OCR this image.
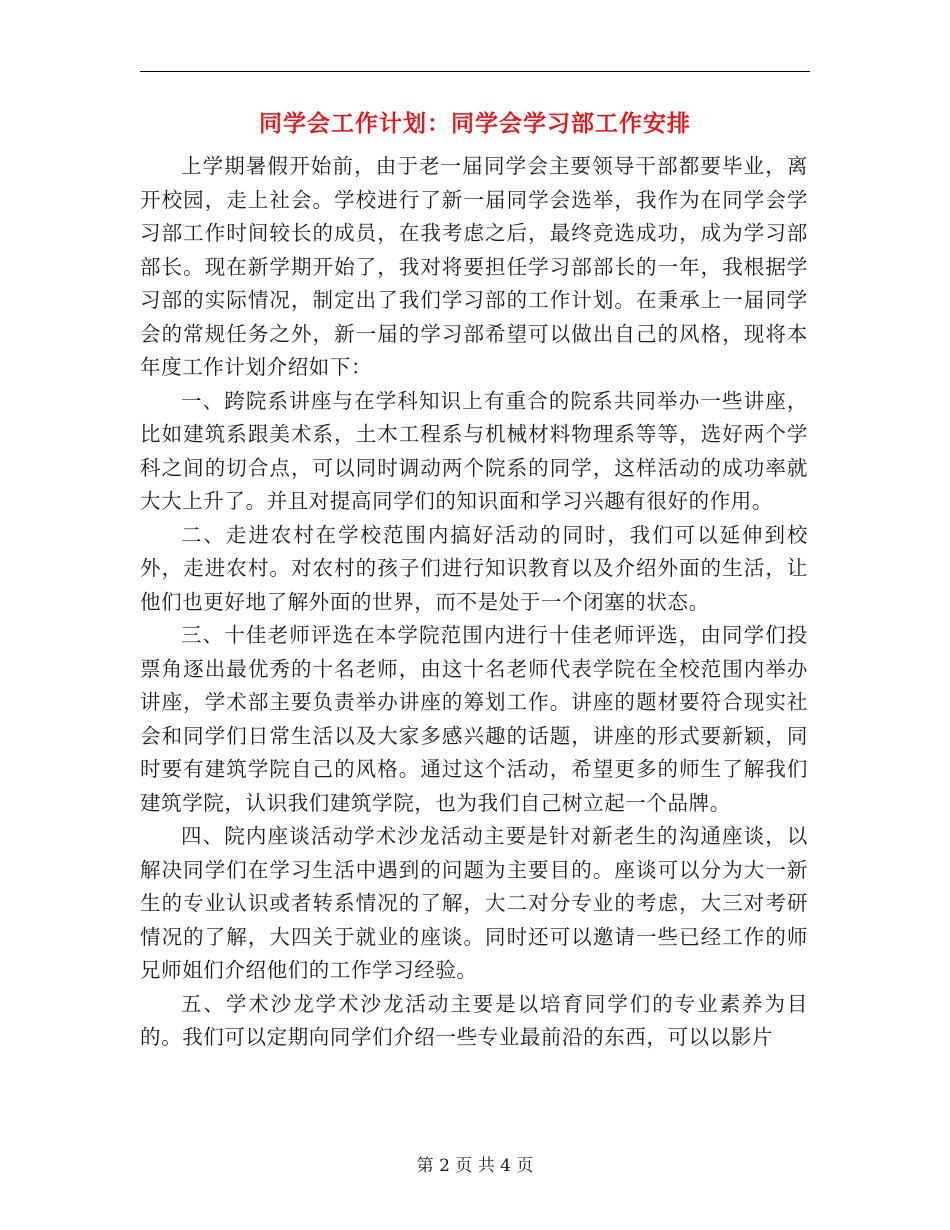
同学会工作计划：同学会学习部工作安排

上学期暑假开始前，由于老一届同学会主要领导干部都要毕业，离开校园，走上社会。学校进行了新一届同学会选举，我作为在同学会学习部工作时间较长的成员，在我考虑之后，最终竞选成功，成为学习部部长。现在新学期开始了，我对将要担任学习部部长的一年，我根据学习部的实际情况，制定出了我们学习部的工作计划。在秉承上一届同学会的常规任务之外，新一届的学习部希望可以做出自己的风格，现将本年度工作计划介绍如下：

一、跨院系讲座与在学科知识上有重合的院系共同举办一些讲座，比如建筑系跟美术系，土木工程系与机械材料物理系等等，选好两个学科之间的切合点，可以同时调动两个院系的同学，这样活动的成功率就大大上升了。并且对提高同学们的知识面和学习兴趣有很好的作用。

二、走进农村在学校范围内搞好活动的同时，我们可以延伸到校外，走进农村。对农村的孩子们进行知识教育以及介绍外面的生活，让他们也更好地了解外面的世界，而不是处于一个闭塞的状态。

三、十佳老师评选在本学院范围内进行十佳老师评选，由同学们投票角逐出最优秀的十名老师，由这十名老师代表学院在全校范围内举办讲座，学术部主要负责举办讲座的筹划工作。讲座的题材要符合现实社会和同学们日常生活以及大家多感兴趣的话题，讲座的形式要新颖，同时要有建筑学院自己的风格。通过这个活动，希望更多的师生了解我们建筑学院，认识我们建筑学院，也为我们自己树立起一个品牌。

四、院内座谈活动学术沙龙活动主要是针对新老生的沟通座谈，以解决同学们在学习生活中遇到的问题为主要目的。座谈可以分为大一新生的专业认识或者转系情况的了解，大二对分专业的考虑，大三对考研情况的了解，大四关于就业的座谈。同时还可以邀请一些已经工作的师兄师姐们介绍他们的工作学习经验。

五、学术沙龙学术沙龙活动主要是以培育同学们的专业素养为目的。我们可以定期向同学们介绍一些专业最前沿的东西，可以以影片

第 2 页 共 4 页
